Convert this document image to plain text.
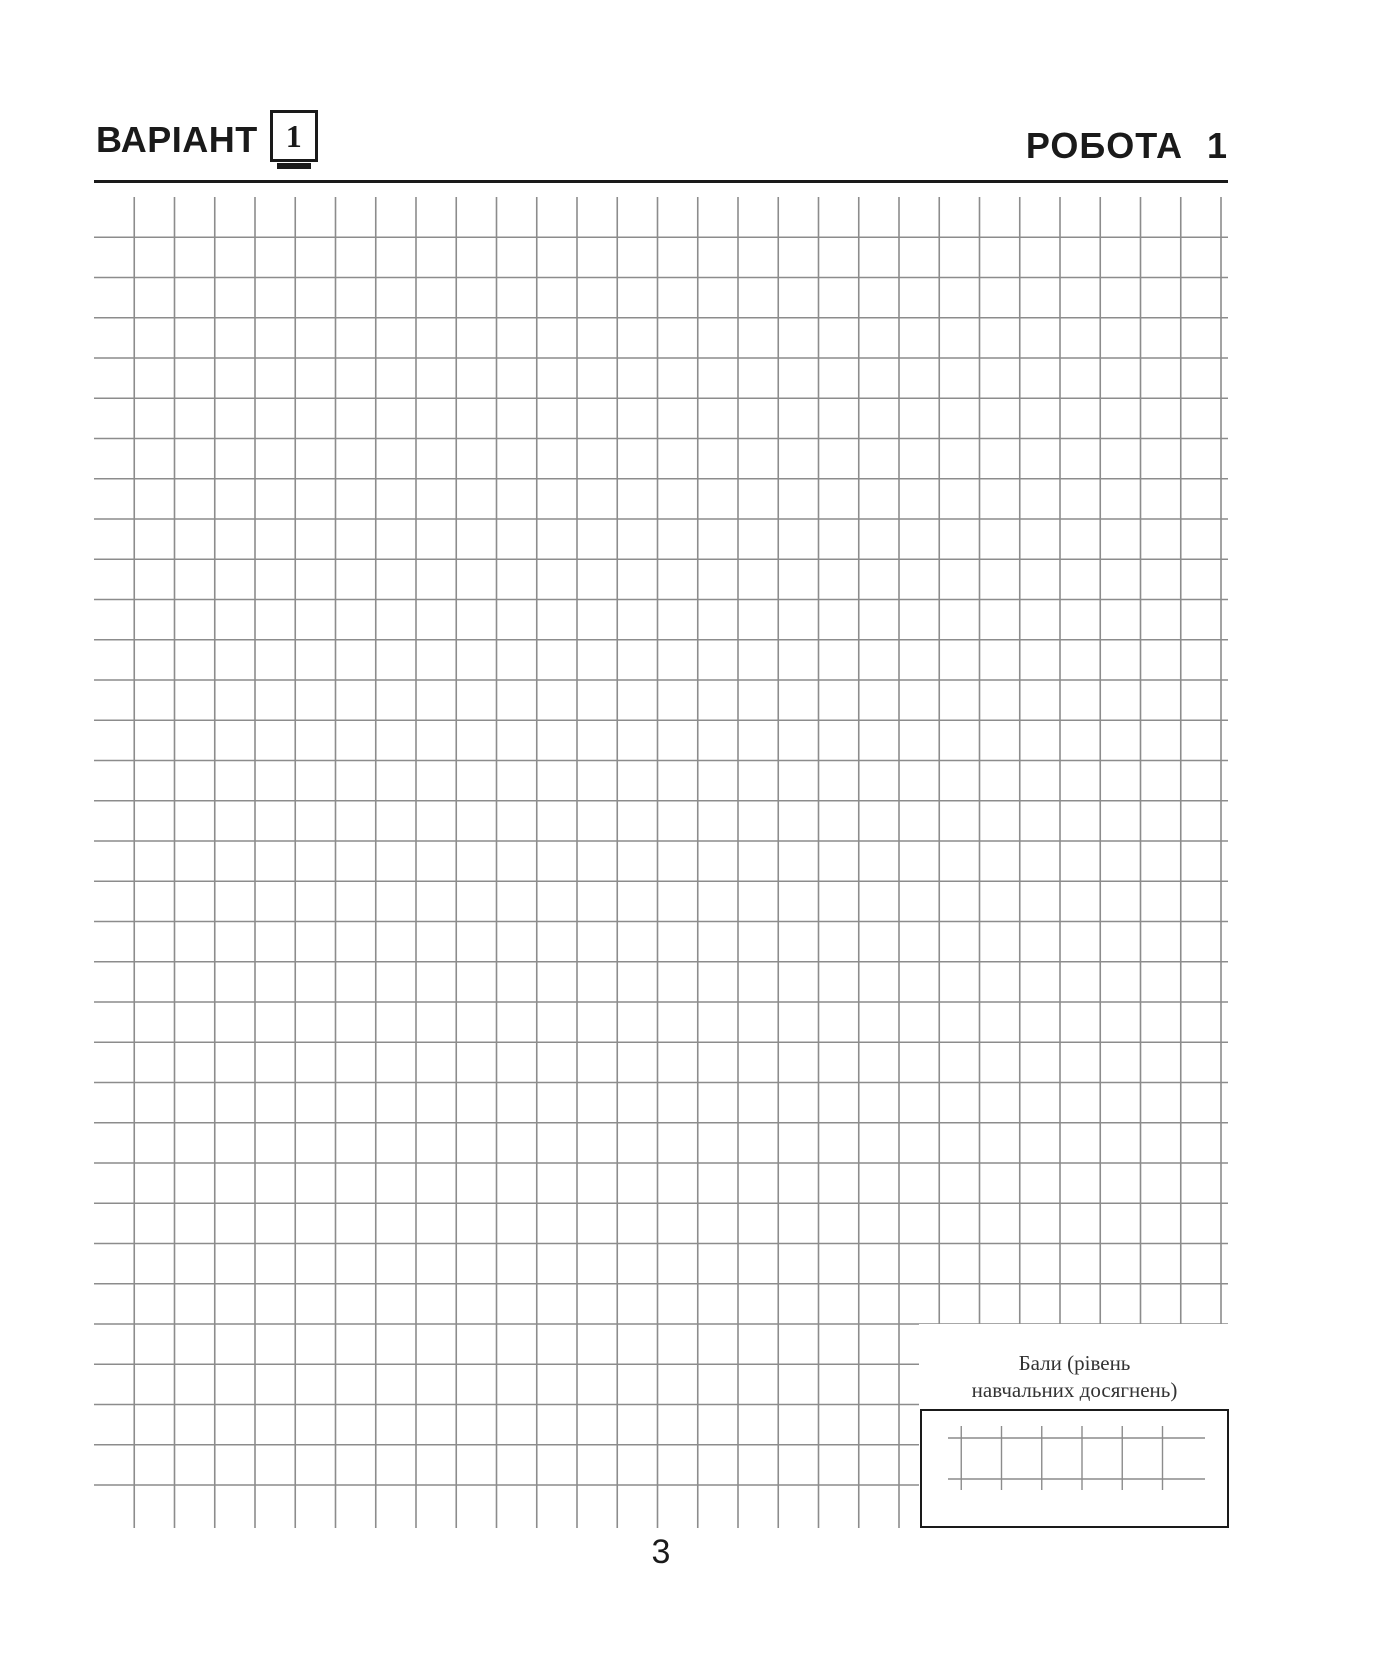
ВАРІАНТ 1	РОБОТА 1
Бали (рівень
навчальних досягнень)
3
